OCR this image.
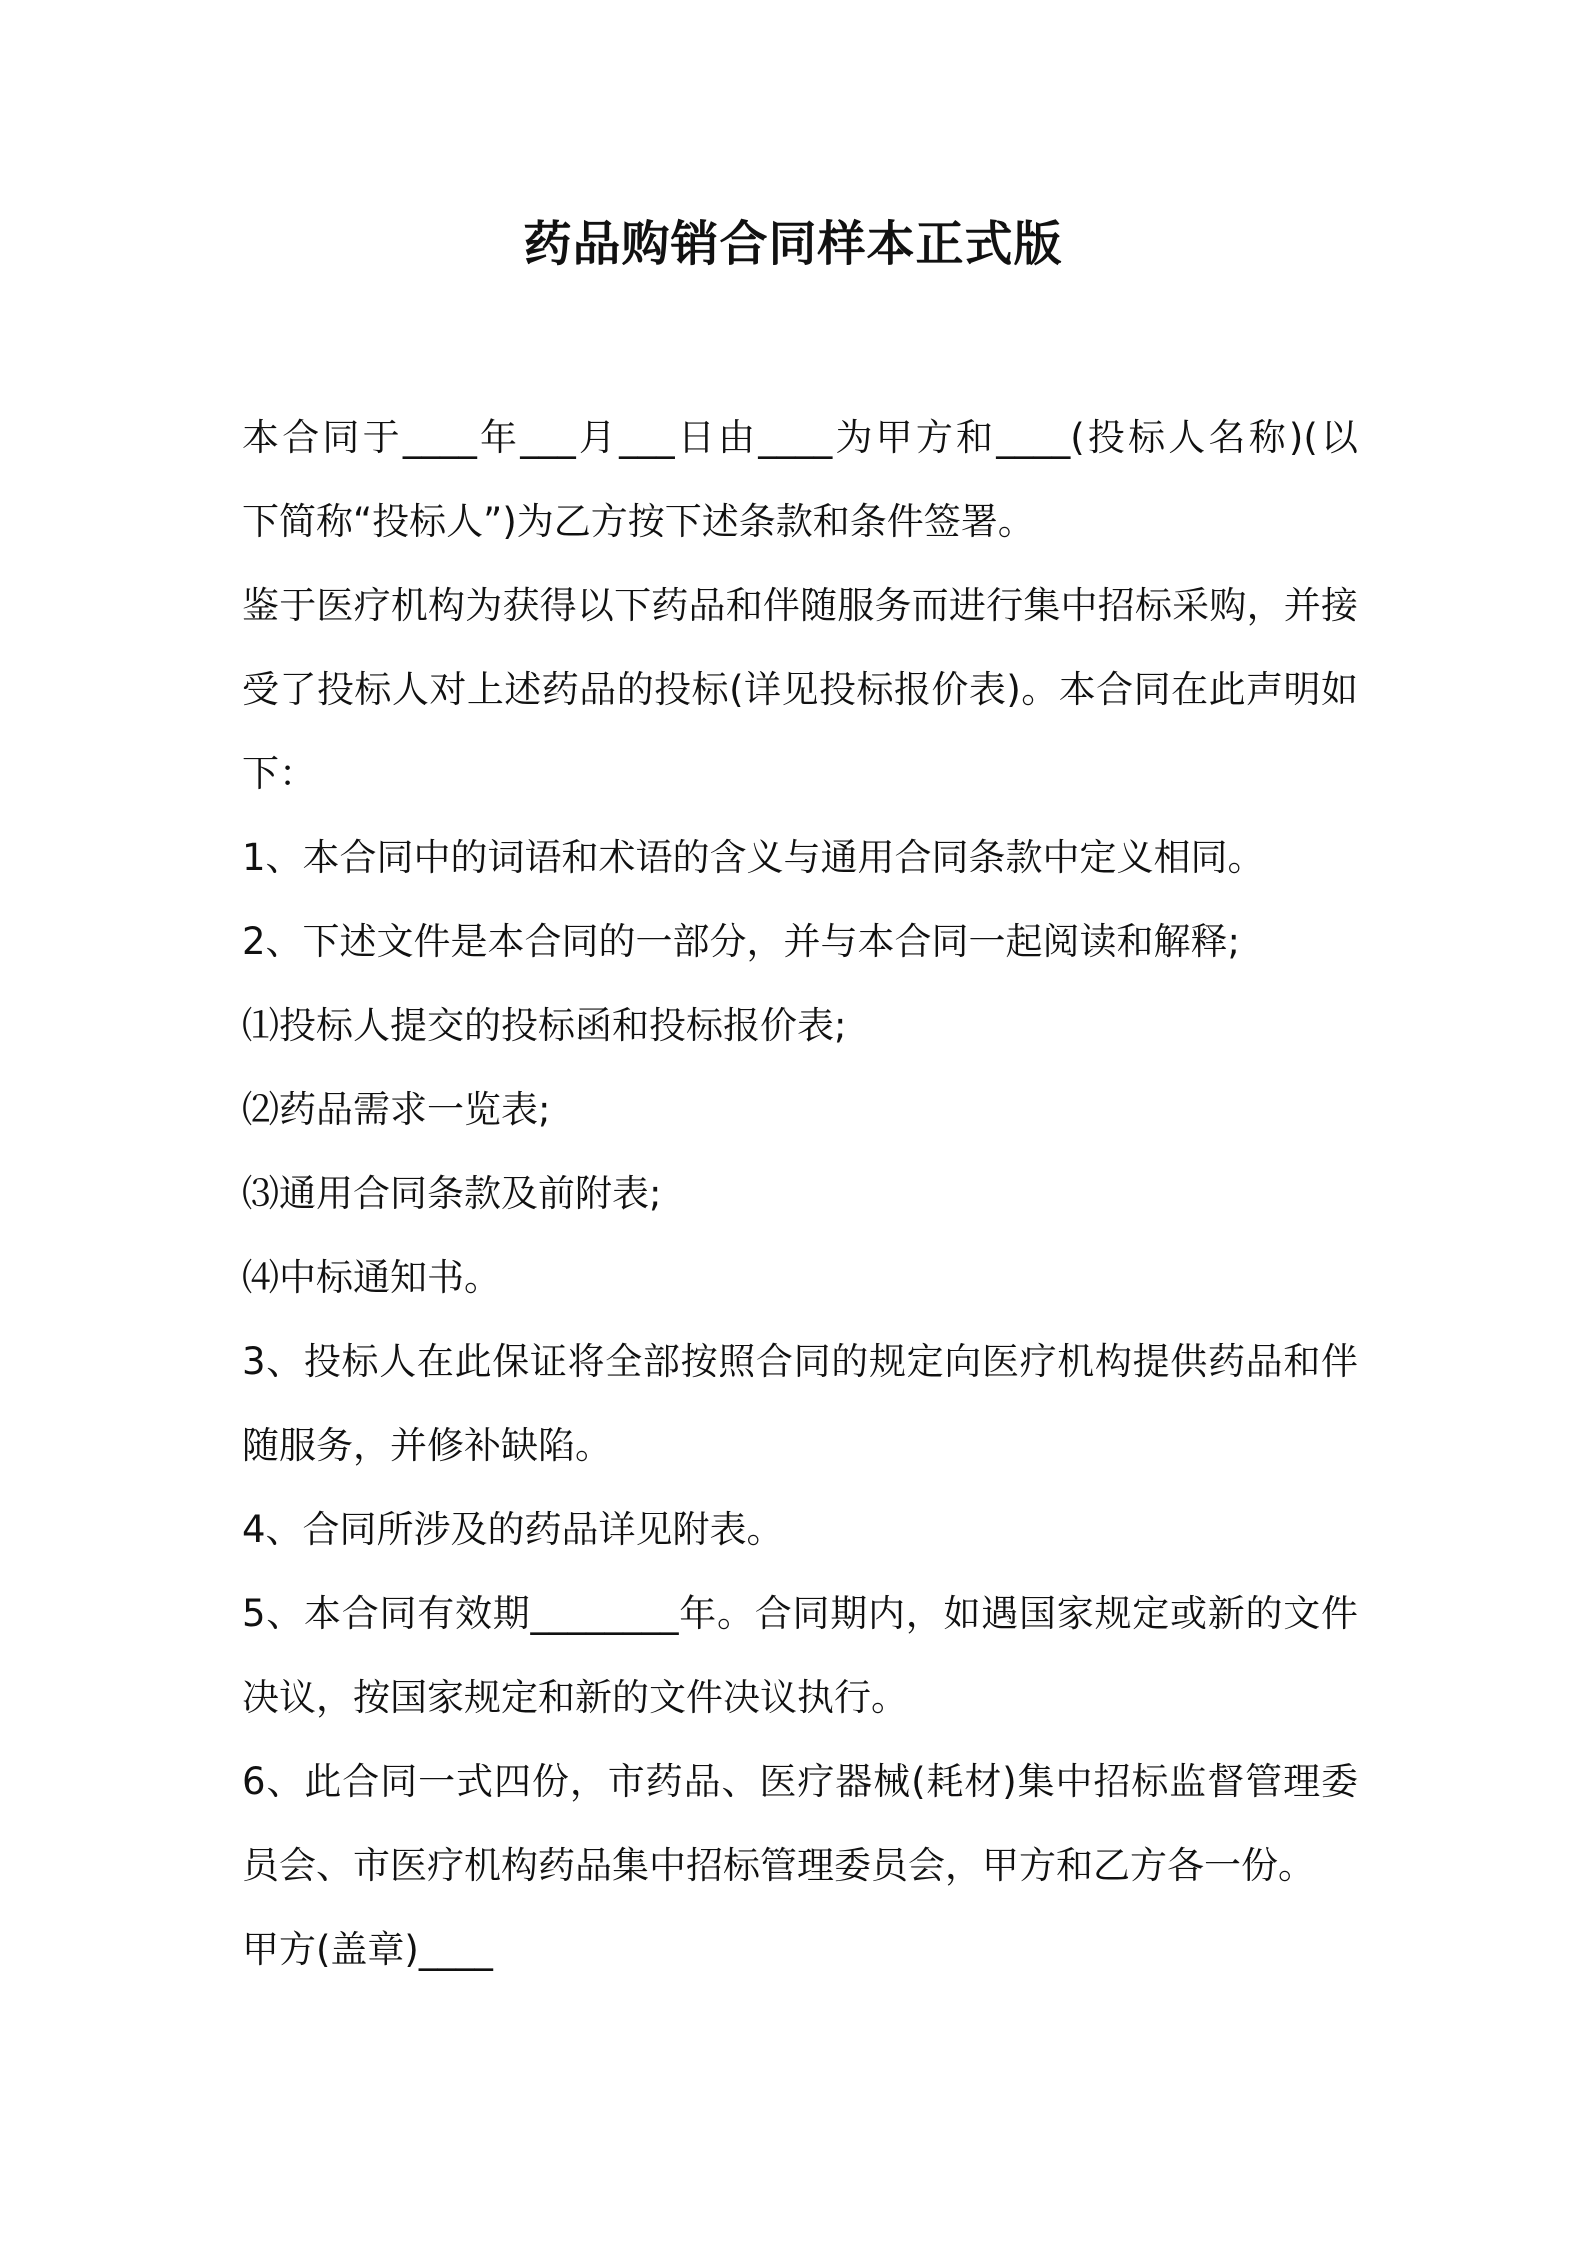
药品购销合同样本正式版
本合同于____年___月___日由____为甲方和____(投标人名称)(以
下简称“投标人”)为乙方按下述条款和条件签署。
鉴于医疗机构为获得以下药品和伴随服务而进行集中招标采购，并接
受了投标人对上述药品的投标(详见投标报价表)。本合同在此声明如
下：
1、本合同中的词语和术语的含义与通用合同条款中定义相同。
2、下述文件是本合同的一部分，并与本合同一起阅读和解释;
⑴投标人提交的投标函和投标报价表;
⑵药品需求一览表;
⑶通用合同条款及前附表;
⑷中标通知书。
3、投标人在此保证将全部按照合同的规定向医疗机构提供药品和伴
随服务，并修补缺陷。
4、合同所涉及的药品详见附表。
5、本合同有效期________年。合同期内，如遇国家规定或新的文件
决议，按国家规定和新的文件决议执行。
6、此合同一式四份，市药品、医疗器械(耗材)集中招标监督管理委
员会、市医疗机构药品集中招标管理委员会，甲方和乙方各一份。
甲方(盖章)____
